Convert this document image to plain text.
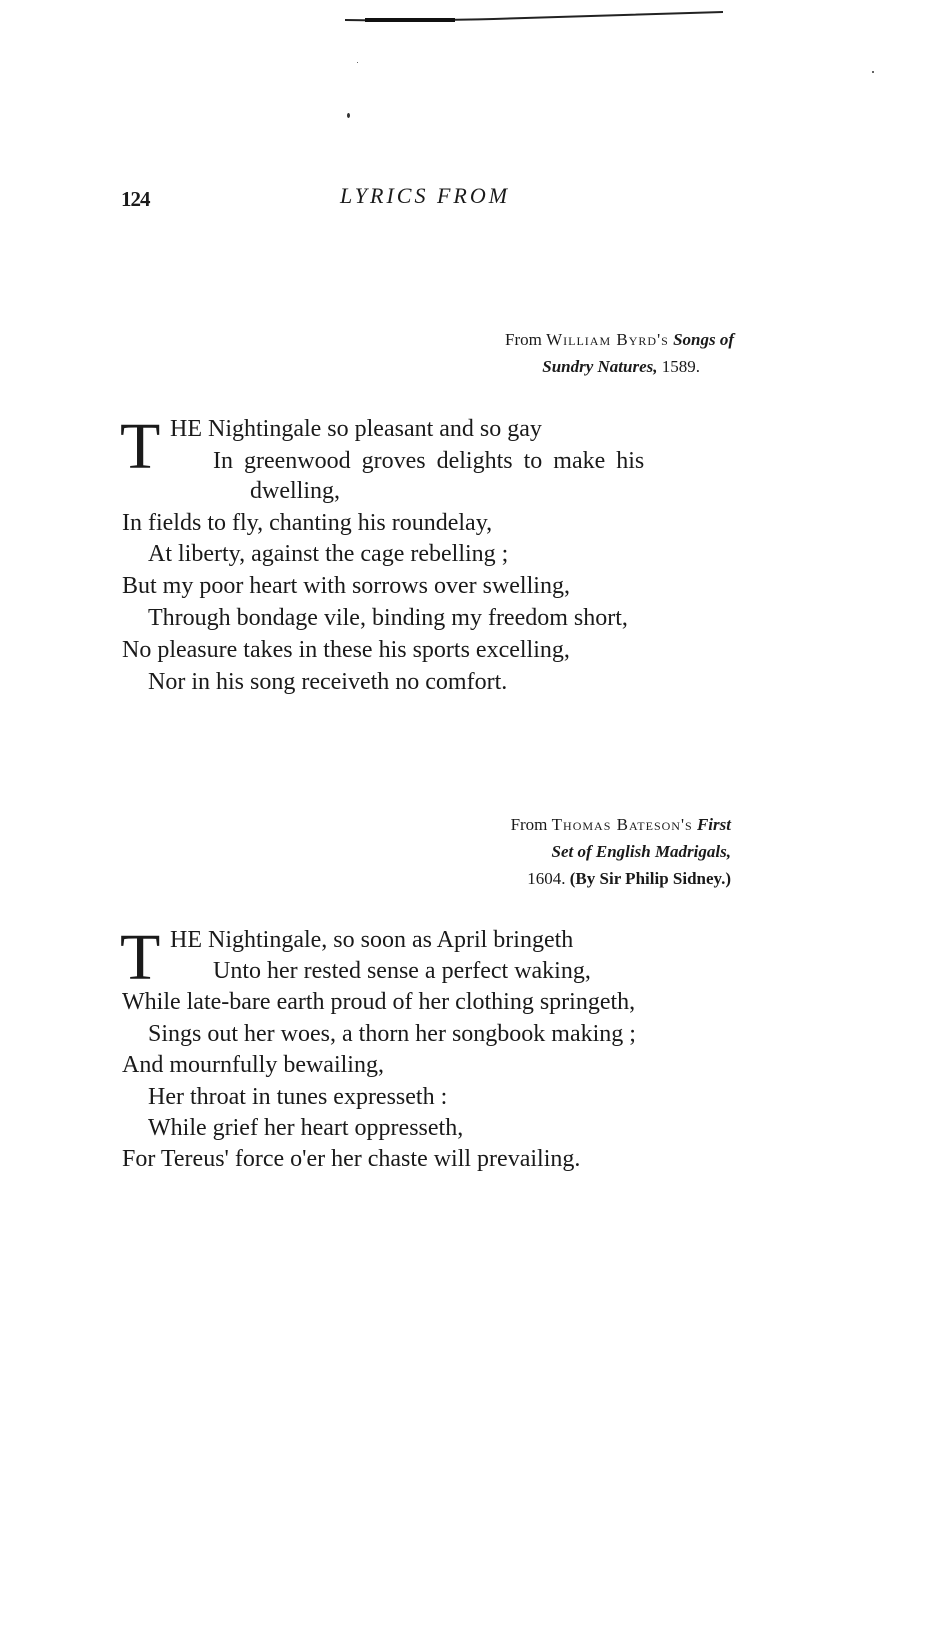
124	LYRICS FROM
From William Byrd's Songs of
Sundry Natures, 1589.
T HE Nightingale so pleasant and so gay
In greenwood groves delights to make his
dwelling,
In fields to fly, chanting his roundelay,
At liberty, against the cage rebelling ;
But my poor heart with sorrows over swelling,
Through bondage vile, binding my freedom short,
No pleasure takes in these his sports excelling,
Nor in his song receiveth no comfort.
From Thomas Bateson's First
Set of English Madrigals,
1604. (By Sir Philip Sidney.)
T HE Nightingale, so soon as April bringeth
Unto her rested sense a perfect waking,
While late-bare earth proud of her clothing springeth,
Sings out her woes, a thorn her songbook making ;
And mournfully bewailing,
Her throat in tunes expresseth :
While grief her heart oppresseth,
For Tereus' force o'er her chaste will prevailing.
